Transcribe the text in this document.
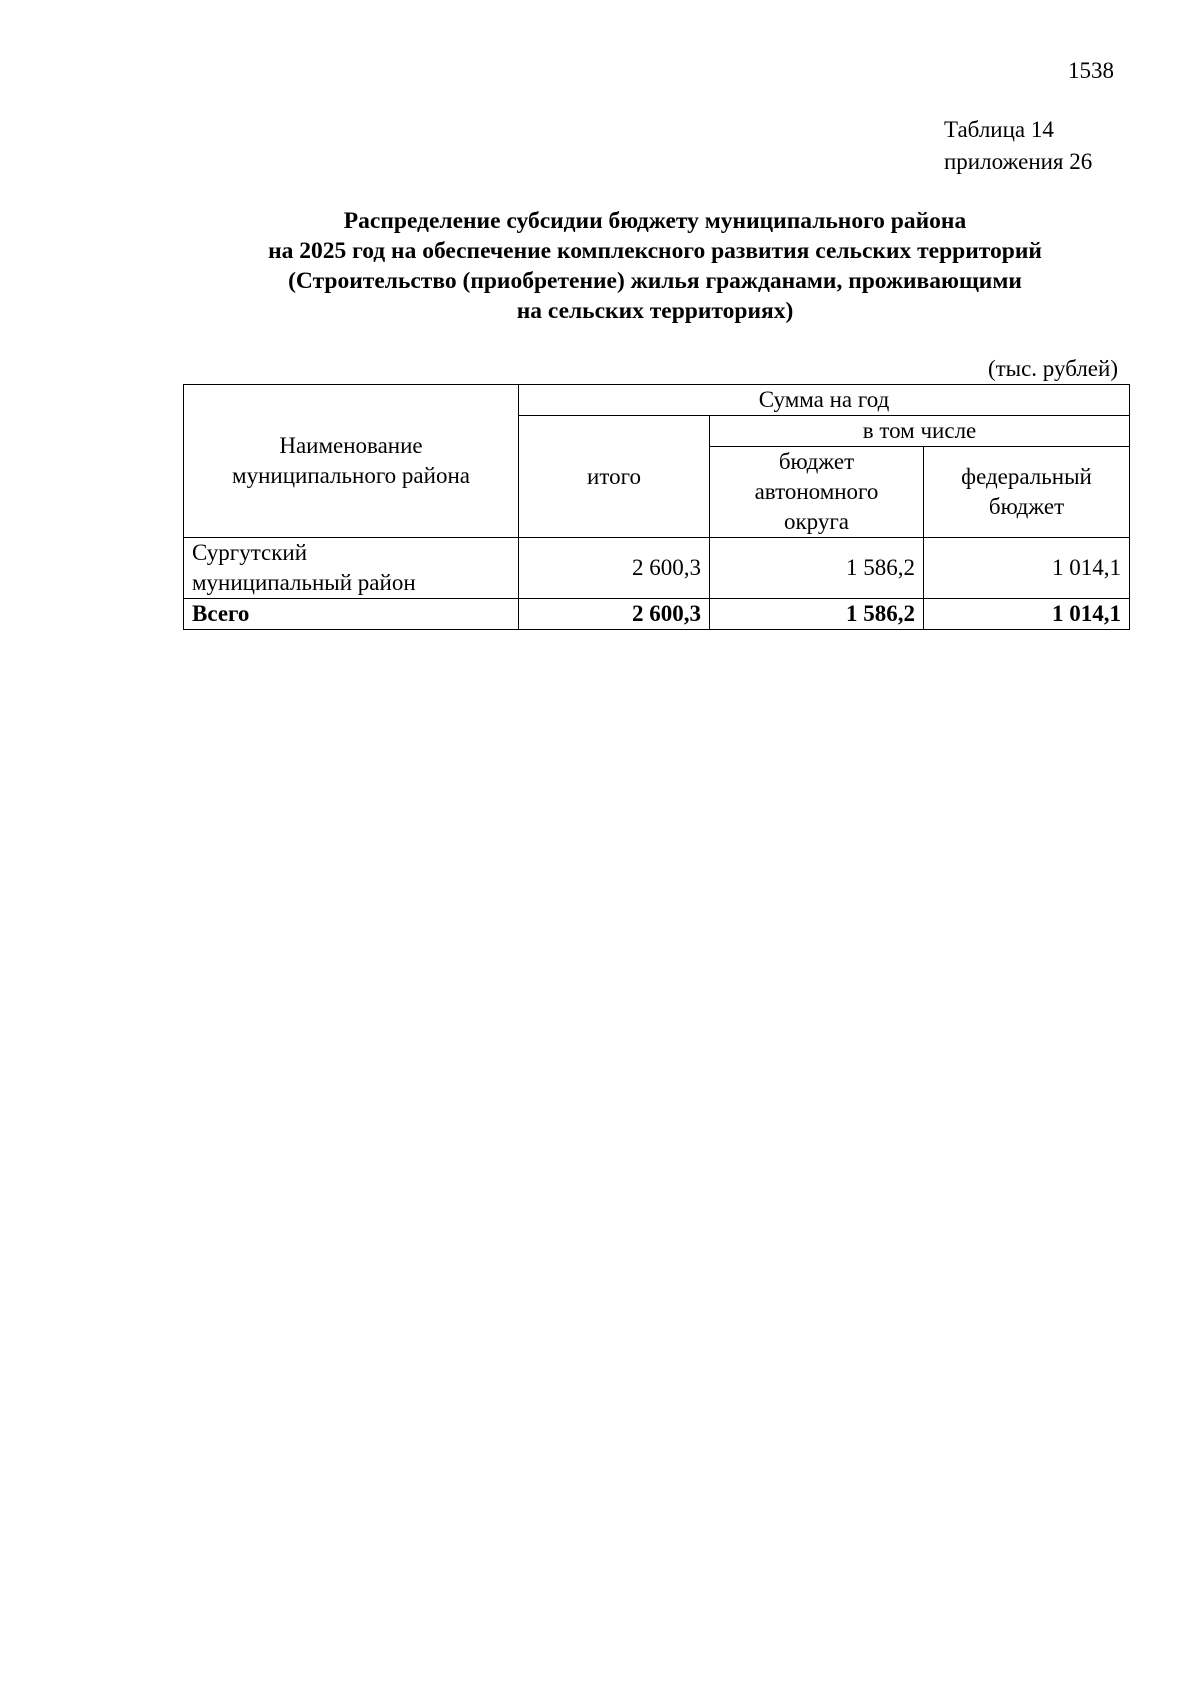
1538
Таблица 14
приложения 26
Распределение субсидии бюджету муниципального района
на 2025 год на обеспечение комплексного развития сельских территорий
(Строительство (приобретение) жилья гражданами, проживающими
на сельских территориях)
(тыс. рублей)
Наименование муниципального района	Сумма на год		
	итого	в том числе	
		бюджет автономного округа	федеральный бюджет

Сургутский
муниципальный район	2 600,3	1 586,2	1 014,1
Всего	2 600,3	1 586,2	1 014,1
